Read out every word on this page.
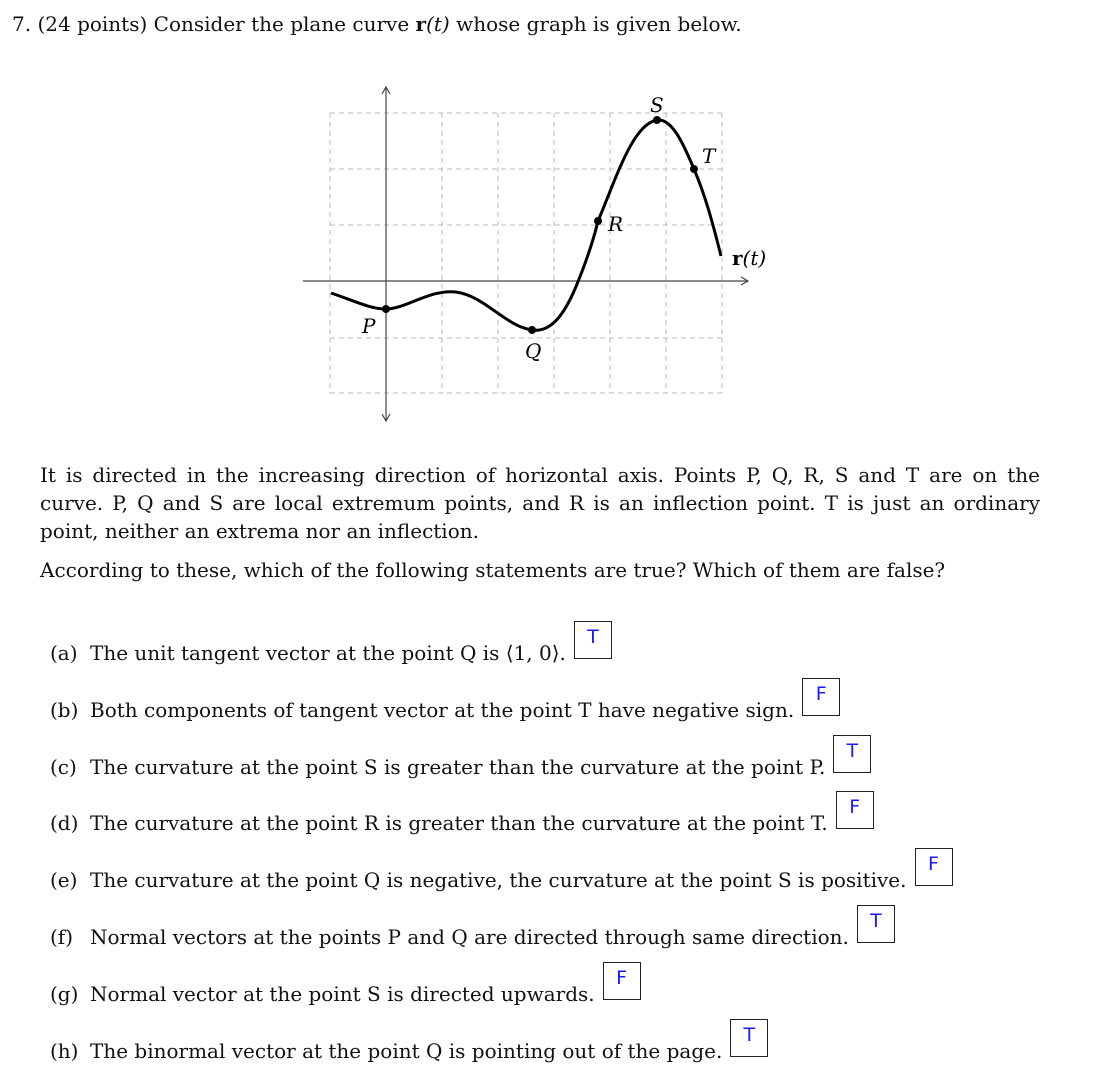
7. (24 points) Consider the plane curve r(t) whose graph is given below.
P
Q
R
S
T
r(t)
It is directed in the increasing direction of horizontal axis. Points P, Q, R, S and T are on the curve. P, Q and S are local extremum points, and R is an inflection point. T is just an ordinary point, neither an extrema nor an inflection.
According to these, which of the following statements are true? Which of them are false?
(a) The unit tangent vector at the point Q is ⟨1, 0⟩.
T
(b) Both components of tangent vector at the point T have negative sign.
F
(c) The curvature at the point S is greater than the curvature at the point P.
T
(d) The curvature at the point R is greater than the curvature at the point T.
F
(e) The curvature at the point Q is negative, the curvature at the point S is positive.
F
(f) Normal vectors at the points P and Q are directed through same direction.
T
(g) Normal vector at the point S is directed upwards.
F
(h) The binormal vector at the point Q is pointing out of the page.
T
